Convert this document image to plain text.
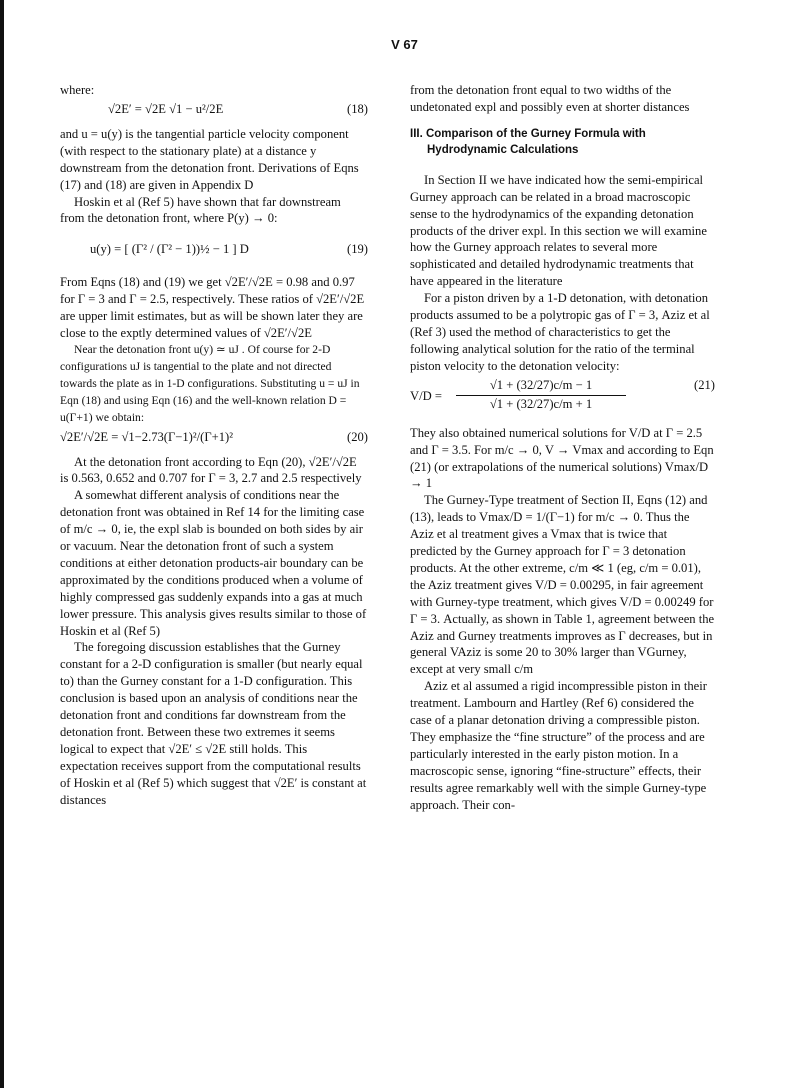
V 67

where:

√2E′ = √2E √1 − u²/2E	(18)

and u = u(y) is the tangential particle velocity component (with respect to the stationary plate) at a distance y downstream from the detonation front. Derivations of Eqns (17) and (18) are given in Appendix D

Hoskin et al (Ref 5) have shown that far downstream from the detonation front, where P(y) → 0:

u(y) = [ (Γ² / (Γ² − 1))½ − 1 ] D	(19)

From Eqns (18) and (19) we get √2E′/√2E = 0.98 and 0.97 for Γ = 3 and Γ = 2.5, respectively. These ratios of √2E′/√2E are upper limit estimates, but as will be shown later they are close to the exptly determined values of √2E′/√2E

Near the detonation front u(y) ≃ uJ . Of course for 2-D configurations uJ is tangential to the plate and not directed towards the plate as in 1-D configurations. Substituting u = uJ in Eqn (18) and using Eqn (16) and the well-known relation D = u(Γ+1) we obtain:

√2E′/√2E = √1−2.73(Γ−1)²/(Γ+1)²	(20)

At the detonation front according to Eqn (20), √2E′/√2E is 0.563, 0.652 and 0.707 for Γ = 3, 2.7 and 2.5 respectively

A somewhat different analysis of conditions near the detonation front was obtained in Ref 14 for the limiting case of m/c → 0, ie, the expl slab is bounded on both sides by air or vacuum. Near the detonation front of such a system conditions at either detonation products-air boundary can be approximated by the conditions produced when a volume of highly compressed gas suddenly expands into a gas at much lower pressure. This analysis gives results similar to those of Hoskin et al (Ref 5)

The foregoing discussion establishes that the Gurney constant for a 2-D configuration is smaller (but nearly equal to) than the Gurney constant for a 1-D configuration. This conclusion is based upon an analysis of conditions near the detonation front and conditions far downstream from the detonation front. Between these two extremes it seems logical to expect that √2E′ ≤ √2E still holds. This expectation receives support from the computational results of Hoskin et al (Ref 5) which suggest that √2E′ is constant at distances

from the detonation front equal to two widths of the undetonated expl and possibly even at shorter distances

III. Comparison of the Gurney Formula with Hydrodynamic Calculations

In Section II we have indicated how the semi-empirical Gurney approach can be related in a broad macroscopic sense to the hydrodynamics of the expanding detonation products of the driver expl. In this section we will examine how the Gurney approach relates to several more sophisticated and detailed hydrodynamic treatments that have appeared in the literature

For a piston driven by a 1-D detonation, with detonation products assumed to be a polytropic gas of Γ = 3, Aziz et al (Ref 3) used the method of characteristics to get the following analytical solution for the ratio of the terminal piston velocity to the detonation velocity:

$V/D = \frac{√1 + (32/27)c/m - 1}{√1 + (32/27)c/m + 1}$	(21)

They also obtained numerical solutions for V/D at Γ = 2.5 and Γ = 3.5. For m/c → 0, V → Vmax and according to Eqn (21) (or extrapolations of the numerical solutions) Vmax/D → 1

The Gurney-Type treatment of Section II, Eqns (12) and (13), leads to Vmax/D = 1/(Γ−1) for m/c → 0. Thus the Aziz et al treatment gives a Vmax that is twice that predicted by the Gurney approach for Γ = 3 detonation products. At the other extreme, c/m ≪ 1 (eg, c/m = 0.01), the Aziz treatment gives V/D = 0.00295, in fair agreement with Gurney-type treatment, which gives V/D = 0.00249 for Γ = 3. Actually, as shown in Table 1, agreement between the Aziz and Gurney treatments improves as Γ decreases, but in general VAziz is some 20 to 30% larger than VGurney, except at very small c/m

Aziz et al assumed a rigid incompressible piston in their treatment. Lambourn and Hartley (Ref 6) considered the case of a planar detonation driving a compressible piston. They emphasize the “fine structure” of the process and are particularly interested in the early piston motion. In a macroscopic sense, ignoring “fine-structure” effects, their results agree remarkably well with the simple Gurney-type approach. Their con-
